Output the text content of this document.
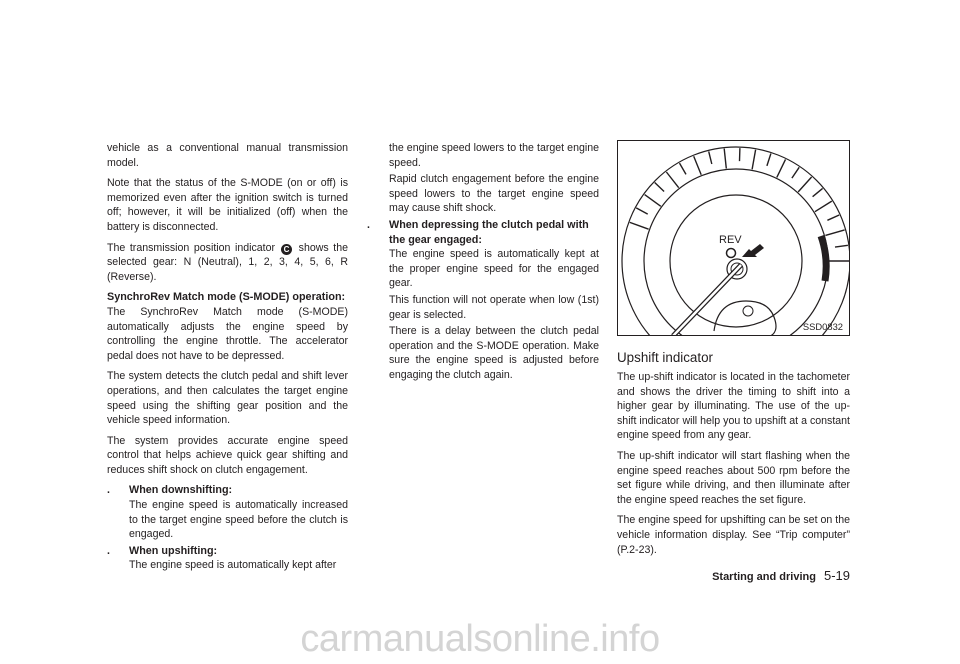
vehicle as a conventional manual transmission model.

Note that the status of the S-MODE (on or off) is memorized even after the ignition switch is turned off; however, it will be initialized (off) when the battery is disconnected.

The transmission position indicator C shows the selected gear: N (Neutral), 1, 2, 3, 4, 5, 6, R (Reverse).

SynchroRev Match mode (S-MODE) operation:

The SynchroRev Match mode (S-MODE) automatically adjusts the engine speed by controlling the engine throttle. The accelerator pedal does not have to be depressed.

The system detects the clutch pedal and shift lever operations, and then calculates the target engine speed using the shifting gear position and the vehicle speed information.

The system provides accurate engine speed control that helps achieve quick gear shifting and reduces shift shock on clutch engagement.

. When downshifting:

The engine speed is automatically increased to the target engine speed before the clutch is engaged.

. When upshifting:

The engine speed is automatically kept after

the engine speed lowers to the target engine speed.

Rapid clutch engagement before the engine speed lowers to the target engine speed may cause shift shock.

. When depressing the clutch pedal with the gear engaged:

The engine speed is automatically kept at the proper engine speed for the engaged gear.

This function will not operate when low (1st) gear is selected.

There is a delay between the clutch pedal operation and the S-MODE operation. Make sure the engine speed is adjusted before engaging the clutch again.

REV
SSD0832
Upshift indicator

The up-shift indicator is located in the tachometer and shows the driver the timing to shift into a higher gear by illuminating. The use of the up-shift indicator will help you to upshift at a constant engine speed from any gear.

The up-shift indicator will start flashing when the engine speed reaches about 500 rpm before the set figure while driving, and then illuminate after the engine speed reaches the set figure.

The engine speed for upshifting can be set on the vehicle information display. See “Trip computer” (P.2-23).

Starting and driving 5-19
carmanualsonline.info
